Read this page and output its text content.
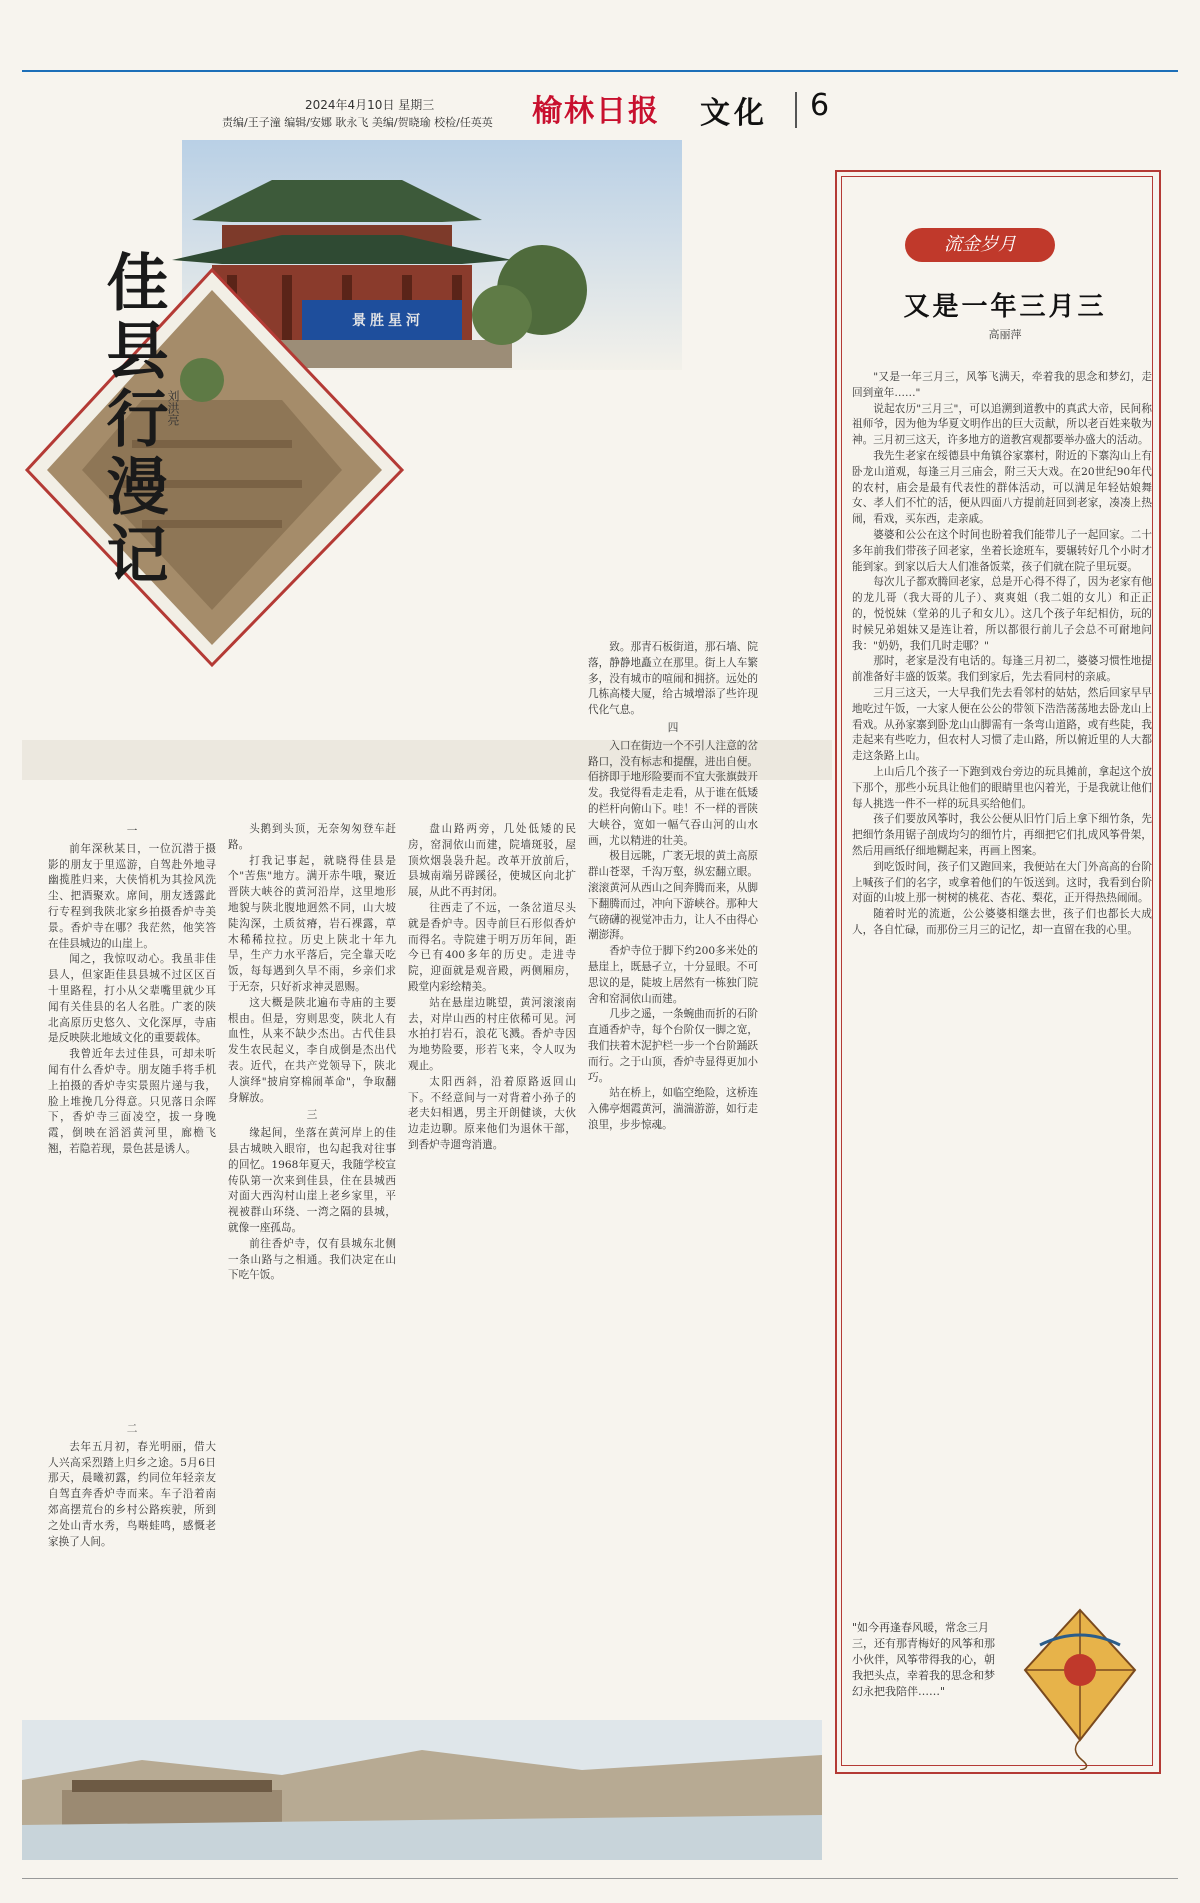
2024年4月10日 星期三
责编/王子潼 编辑/安娜 耿永飞 美编/贺晓瑜 校检/任英英 榆林日报 文化 6
景胜星河
佳县行漫记
刘洪亮

一

前年深秋某日，一位沉潜于摄影的朋友于里巡游，自驾赴外地寻幽揽胜归来，大侠悄机为其捡风洗尘、把酒聚欢。席间，朋友透露此行专程到我陕北家乡拍摄香炉寺美景。香炉寺在哪？我茫然，他笑答在佳县城边的山崖上。

闻之，我惊叹动心。我虽非佳县人，但家距佳县县城不过区区百十里路程，打小从父辈嘴里就少耳闻有关佳县的名人名胜。广袤的陕北高原历史悠久、文化深厚，寺庙是反映陕北地域文化的重要载体。

我曾近年去过佳县，可却未听闻有什么香炉寺。朋友随手将手机上拍摄的香炉寺实景照片递与我，脸上堆挽几分得意。只见落日余晖下，香炉寺三面凌空，拔一身晚霞，倒映在滔滔黄河里，廊檐飞翘，若隐若现，景色甚是诱人。

二

去年五月初，春光明丽，借大人兴高采烈踏上归乡之途。5月6日那天，晨曦初露，约同位年轻亲友自驾直奔香炉寺而来。车子沿着南郊高摆荒台的乡村公路疾驶，所到之处山青水秀，鸟啭蛙鸣，感慨老家换了人间。

头鹅到头顶，无奈匆匆登车赶路。

打我记事起，就晓得佳县是个"苦焦"地方。满开赤牛哦，聚近晋陕大峡谷的黄河沿岸，这里地形地貌与陕北腹地迥然不同，山大坡陡沟深，土质贫瘠，岩石裸露，草木稀稀拉拉。历史上陕北十年九旱，生产力水平落后，完全靠天吃饭，每每遇到久旱不雨，乡亲们求于无奈，只好祈求神灵恩赐。

这大概是陕北遍布寺庙的主要根由。但是，穷则思变，陕北人有血性，从来不缺少杰出。古代佳县发生农民起义，李自成倒是杰出代表。近代，在共产党领导下，陕北人演绎"披肩穿棉闹革命"，争取翻身解放。

三

缘起间，坐落在黄河岸上的佳县古城映入眼帘，也勾起我对往事的回忆。1968年夏天，我随学校宣传队第一次来到佳县，住在县城西对面大西沟村山崖上老乡家里，平视被群山环绕、一湾之隔的县城，就像一座孤岛。

前往香炉寺，仅有县城东北侧一条山路与之相通。我们决定在山下吃午饭。

盘山路两旁，几处低矮的民房，窑洞依山而建，院墙斑驳，屋顶炊烟袅袅升起。改革开放前后，县城南端另辟蹊径，使城区向北扩展，从此不再封闭。

往西走了不远，一条岔道尽头就是香炉寺。因寺前巨石形似香炉而得名。寺院建于明万历年间，距今已有400多年的历史。走进寺院，迎面就是观音殿，两侧厢房，殿堂内彩绘精美。

站在悬崖边眺望，黄河滚滚南去，对岸山西的村庄依稀可见。河水拍打岩石，浪花飞溅。香炉寺因为地势险要，形若飞来，令人叹为观止。

太阳西斜，沿着原路返回山下。不经意间与一对背着小孙子的老夫妇相遇，男主开朗健谈，大伙边走边聊。原来他们为退休干部，到香炉寺遛弯消遣。

致。那青石板街道，那石墙、院落，静静地矗立在那里。街上人车繁多，没有城市的喧闹和拥挤。远处的几栋高楼大厦，给古城增添了些许现代化气息。

四

入口在街边一个不引人注意的岔路口，没有标志和提醒，进出自便。佰挤即于地形险要而不宜大张旗鼓开发。我觉得看走走看，从于谁在低矮的栏杆向俯山下。哇！不一样的晋陕大峡谷，宽如一幅气吞山河的山水画，尤以精进的壮美。

极目远眺，广袤无垠的黄土高原群山苍翠，千沟万壑，纵宏翻立眼。滚滚黄河从西山之间奔腾而来，从脚下翻腾而过，冲向下游峡谷。那种大气磅礴的视觉冲击力，让人不由得心潮澎湃。

香炉寺位于脚下约200多米处的悬崖上，既悬孑立，十分显眼。不可思议的是，陡坡上居然有一栋独门院舍和窑洞依山而建。

几步之遥，一条蜿曲而折的石阶直通香炉寺，每个台阶仅一脚之宽，我们扶着木泥护栏一步一个台阶踊跃而行。之于山顶，香炉寺显得更加小巧。

站在桥上，如临空绝险，这桥连入佛亭烟霞黄河，湍湍游游，如行走浪里，步步惊魂。

流金岁月
又是一年三月三
高丽萍

"又是一年三月三，风筝飞满天，牵着我的思念和梦幻，走回到童年……"

说起农历"三月三"，可以追溯到道教中的真武大帝，民间称祖师爷，因为他为华夏文明作出的巨大贡献，所以老百姓来敬为神。三月初三这天，许多地方的道教宫观都要举办盛大的活动。

我先生老家在绥德县中角镇谷家寨村，附近的下寨沟山上有卧龙山道观，每逢三月三庙会，附三天大戏。在20世纪90年代的农村，庙会是最有代表性的群体活动，可以满足年轻姑娘舞女、孝人们不忙的活，便从四面八方提前赶回到老家，凑凑上热闹，看戏，买东西，走亲戚。

婆婆和公公在这个时间也盼着我们能带儿子一起回家。二十多年前我们带孩子回老家，坐着长途班车，要辗转好几个小时才能到家。到家以后大人们准备饭菜，孩子们就在院子里玩耍。

每次儿子都欢腾回老家，总是开心得不得了，因为老家有他的龙儿哥（我大哥的儿子）、爽爽姐（我二姐的女儿）和正正的，悦悦妹（堂弟的儿子和女儿）。这几个孩子年纪相仿，玩的时候兄弟姐妹又是连让着，所以都很行前儿子会总不可耐地问我："奶奶，我们几时走哪？"

那时，老家是没有电话的。每逢三月初二，婆婆习惯性地提前准备好丰盛的饭菜。我们到家后，先去看同村的亲戚。

三月三这天，一大早我们先去看邻村的姑姑，然后回家早早地吃过午饭，一大家人便在公公的带领下浩浩荡荡地去卧龙山上看戏。从孙家寨到卧龙山山脚需有一条弯山道路，或有些陡，我走起来有些吃力，但农村人习惯了走山路，所以俯近里的人大都走这条路上山。

上山后几个孩子一下跑到戏台旁边的玩具摊前，拿起这个放下那个，那些小玩具让他们的眼睛里也闪着光，于是我就让他们每人挑选一件不一样的玩具买给他们。

孩子们要放风筝时，我公公便从旧竹门后上拿下细竹条，先把细竹条用锯子剖成均匀的细竹片，再细把它们扎成风筝骨架，然后用画纸仔细地糊起来，再画上图案。

到吃饭时间，孩子们又跑回来，我便站在大门外高高的台阶上喊孩子们的名字，或拿着他们的午饭送到。这时，我看到台阶对面的山坡上那一树树的桃花、杏花、梨花，正开得热热闹闹。

随着时光的流逝，公公婆婆相继去世，孩子们也都长大成人，各自忙碌，而那份三月三的记忆，却一直留在我的心里。

"如今再逢春风暖，常念三月三，还有那青梅好的风筝和那小伙伴，风筝带得我的心，朝我把头点，幸着我的思念和梦幻永把我陪伴……"
